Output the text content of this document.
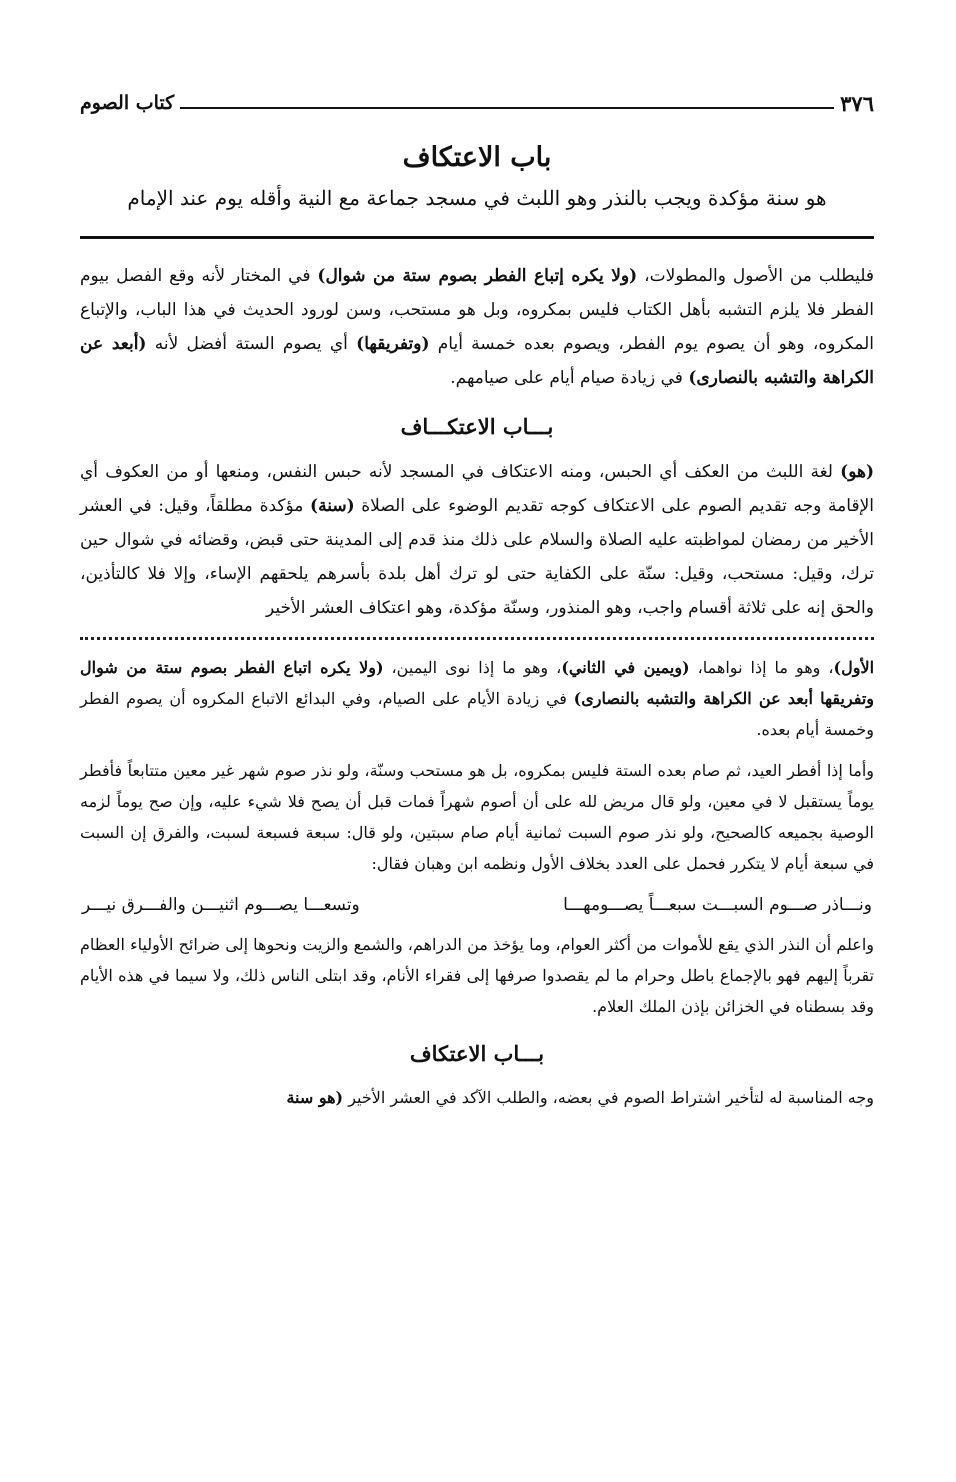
٣٧٦
كتاب الصوم
باب الاعتكاف
هو سنة مؤكدة ويجب بالنذر وهو اللبث في مسجد جماعة مع النية وأقله يوم عند الإمام

فليطلب من الأصول والمطولات، (ولا يكره إتباع الفطر بصوم ستة من شوال) في المختار لأنه وقع الفصل بيوم الفطر فلا يلزم التشبه بأهل الكتاب فليس بمكروه، وبل هو مستحب، وسن لورود الحديث في هذا الباب، والإتباع المكروه، وهو أن يصوم يوم الفطر، ويصوم بعده خمسة أيام (وتفريقها) أي يصوم الستة أفضل لأنه (أبعد عن الكراهة والتشبه بالنصارى) في زيادة صيام أيام على صيامهم.

بـــاب الاعتكـــاف

(هو) لغة اللبث من العكف أي الحبس، ومنه الاعتكاف في المسجد لأنه حبس النفس، ومنعها أو من العكوف أي الإقامة وجه تقديم الصوم على الاعتكاف كوجه تقديم الوضوء على الصلاة (سنة) مؤكدة مطلقاً، وقيل: في العشر الأخير من رمضان لمواظبته عليه الصلاة والسلام على ذلك منذ قدم إلى المدينة حتى قبض، وقضائه في شوال حين ترك، وقيل: مستحب، وقيل: سنّة على الكفاية حتى لو ترك أهل بلدة بأسرهم يلحقهم الإساء، وإلا فلا كالتأذين، والحق إنه على ثلاثة أقسام واجب، وهو المنذور، وسنّة مؤكدة، وهو اعتكاف العشر الأخير

الأول)، وهو ما إذا نواهما، (ويمين في الثاني)، وهو ما إذا نوى اليمين، (ولا يكره اتباع الفطر بصوم ستة من شوال وتفريقها أبعد عن الكراهة والتشبه بالنصارى) في زيادة الأيام على الصيام، وفي البدائع الاتباع المكروه أن يصوم الفطر وخمسة أيام بعده.

وأما إذا أفطر العيد، ثم صام بعده الستة فليس بمكروه، بل هو مستحب وسنّة، ولو نذر صوم شهر غير معين متتابعاً فأفطر يوماً يستقبل لا في معين، ولو قال مريض لله على أن أصوم شهراً فمات قبل أن يصح فلا شيء عليه، وإن صح يوماً لزمه الوصية بجميعه كالصحيح، ولو نذر صوم السبت ثمانية أيام صام سبتين، ولو قال: سبعة فسبعة لسبت، والفرق إن السبت في سبعة أيام لا يتكرر فحمل على العدد بخلاف الأول ونظمه ابن وهبان فقال:

ونـــاذر صـــوم السبـــت سبعـــاً يصـــومهـــا
وتسعـــا يصـــوم اثنيـــن والفـــرق نيـــر

واعلم أن النذر الذي يقع للأموات من أكثر العوام، وما يؤخذ من الدراهم، والشمع والزيت ونحوها إلى ضرائح الأولياء العظام تقرباً إليهم فهو بالإجماع باطل وحرام ما لم يقصدوا صرفها إلى فقراء الأنام، وقد ابتلى الناس ذلك، ولا سيما في هذه الأيام وقد بسطناه في الخزائن بإذن الملك العلام.

بـــاب الاعتكاف

وجه المناسبة له لتأخير اشتراط الصوم في بعضه، والطلب الآكد في العشر الأخير (هو سنة
